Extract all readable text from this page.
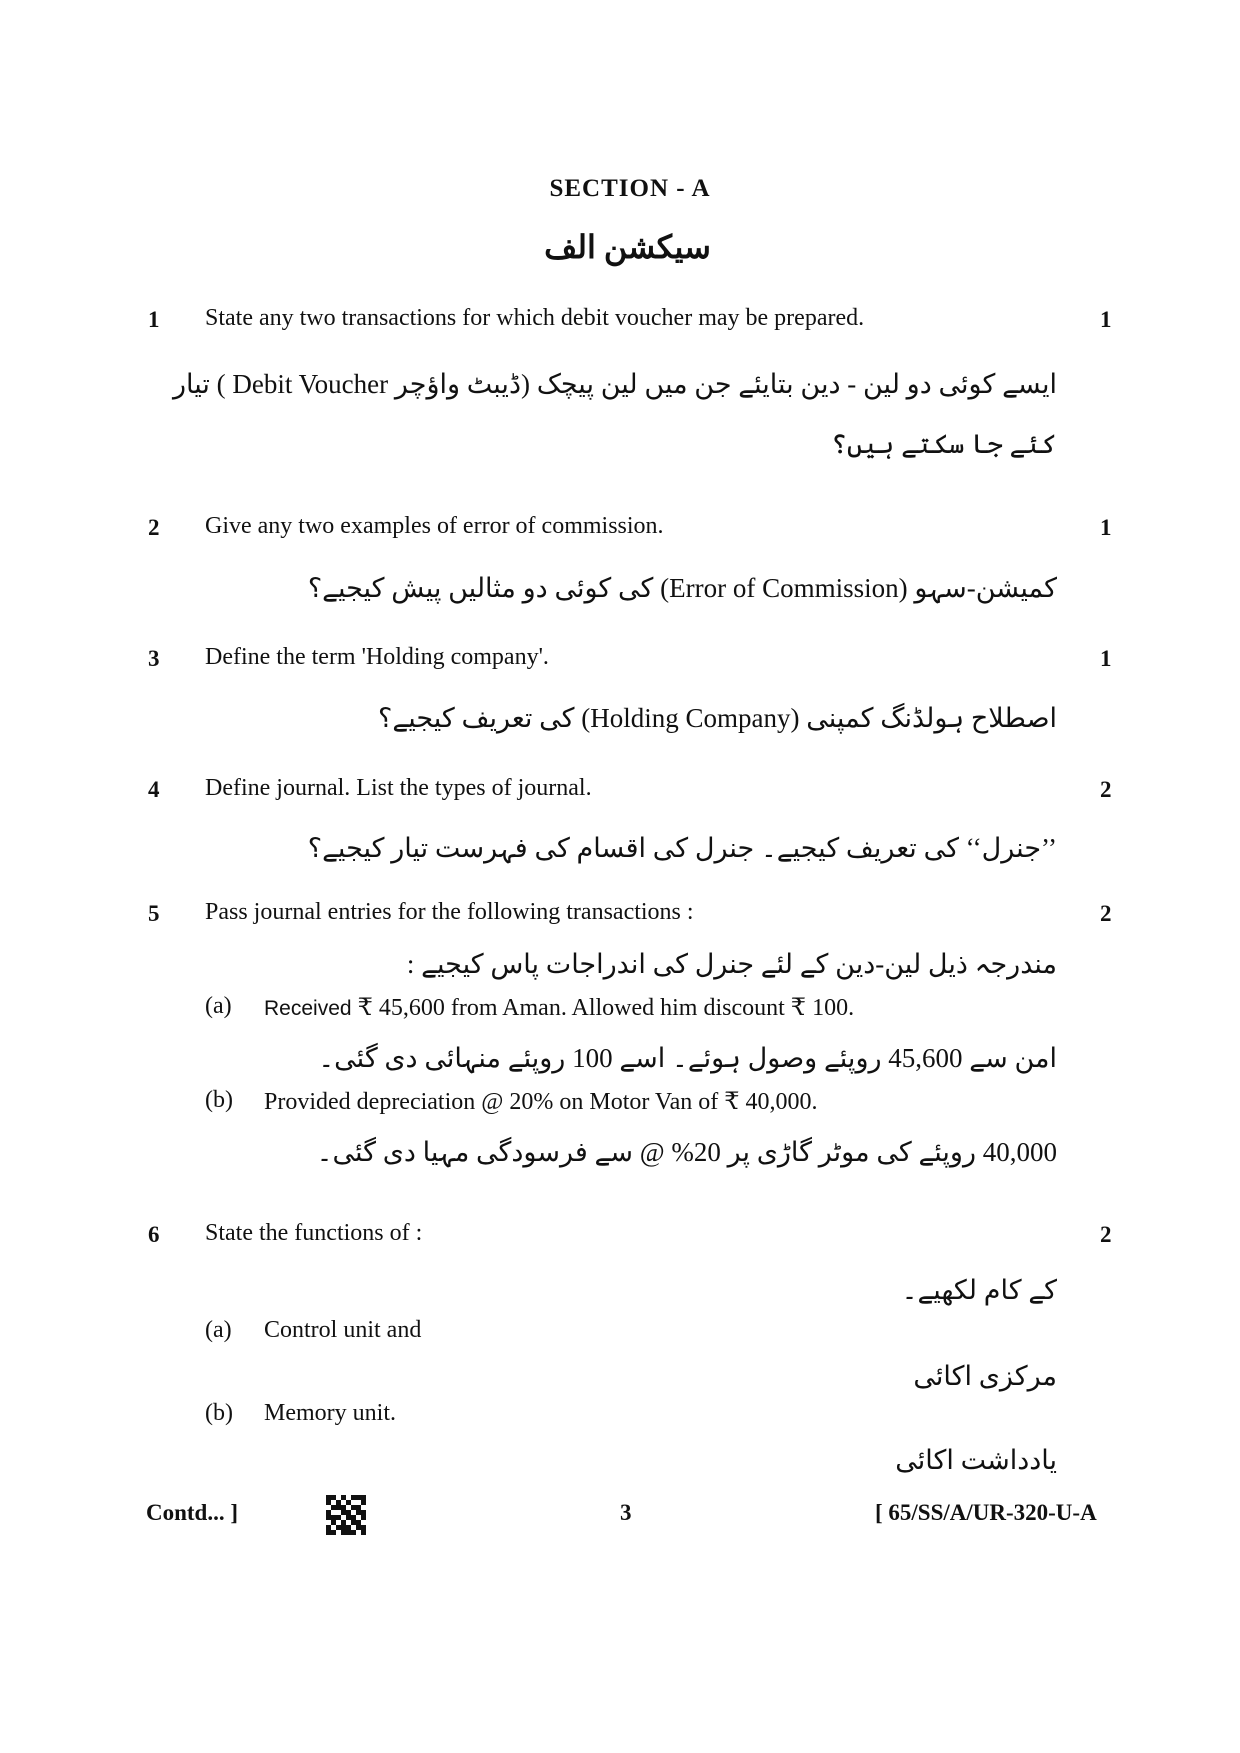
SECTION - A
سیکشن الف
1 State any two transactions for which debit voucher may be prepared.	1
ایسے کوئی دو لین - دین بتایئے جن میں لین پیچک (ڈیبٹ واؤچر Debit Voucher ) تیار
کئے جا سکتے ہیں؟
2 Give any two examples of error of commission.	1
کمیشن-سہو (Error of Commission) کی کوئی دو مثالیں پیش کیجیے؟
3 Define the term 'Holding company'.	1
اصطلاح ہولڈنگ کمپنی (Holding Company) کی تعریف کیجیے؟
4 Define journal. List the types of journal.	2
’’جنرل‘‘ کی تعریف کیجیے۔ جنرل کی اقسام کی فہرست تیار کیجیے؟
5 Pass journal entries for the following transactions :	2
مندرجہ ذیل لین-دین کے لئے جنرل کی اندراجات پاس کیجیے :
(a) Received ₹ 45,600 from Aman. Allowed him discount ₹ 100.
امن سے 45,600 روپئے وصول ہوئے۔ اسے 100 روپئے منہائی دی گئی۔
(b) Provided depreciation @ 20% on Motor Van of ₹ 40,000.
40,000 روپئے کی موٹر گاڑی پر 20% @ سے فرسودگی مہیا دی گئی۔
6 State the functions of :	2
کے کام لکھیے۔
(a) Control unit and
مرکزی اکائی
(b) Memory unit.
یادداشت اکائی
Contd... ]	3	[ 65/SS/A/UR-320-U-A
